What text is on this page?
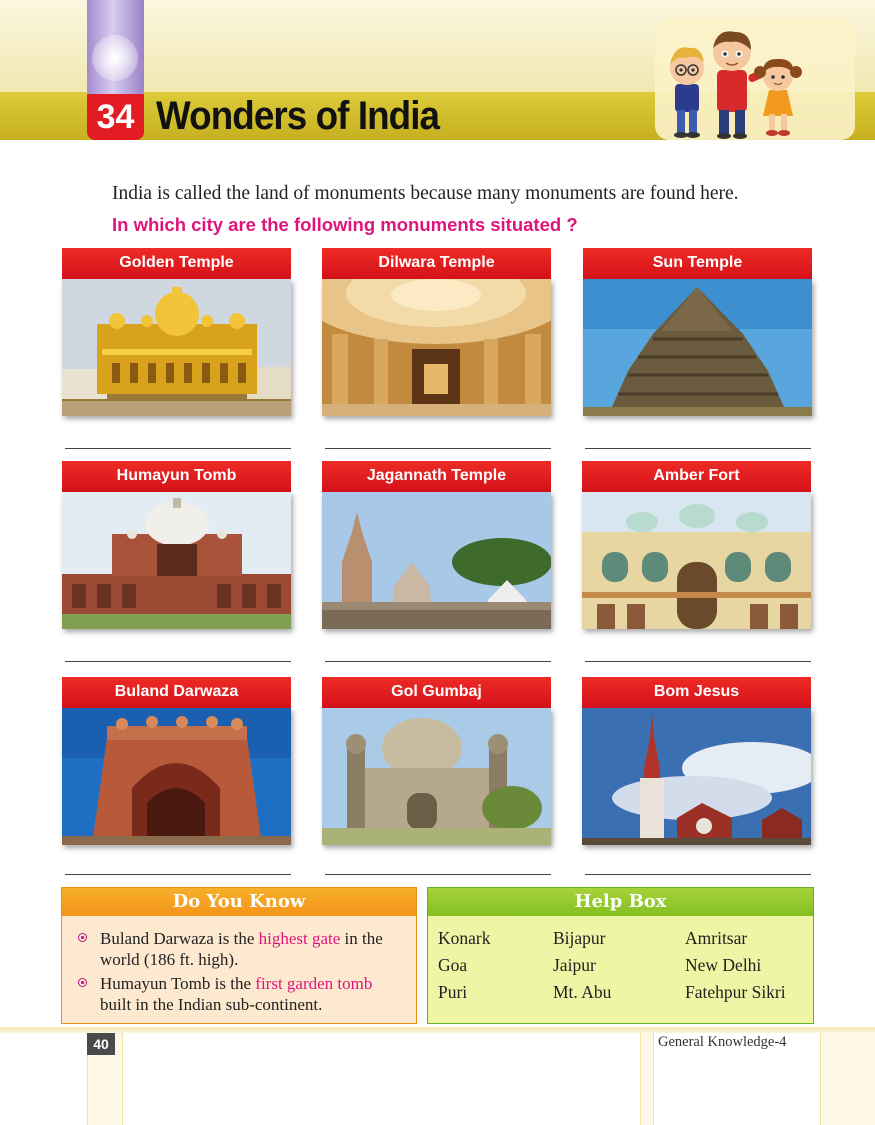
34 Wonders of India
India is called the land of monuments because many monuments are found here.
In which city are the following monuments situated ?
Golden Temple	Dilwara Temple	Sun Temple
Humayun Tomb	Jagannath Temple	Amber Fort
Buland Darwaza	Gol Gumbaj	Bom Jesus
Do You Know
Buland Darwaza is the highest gate in the world (186 ft. high).
Humayun Tomb is the first garden tomb built in the Indian sub-continent.
Help Box
Konark	Bijapur	Amritsar
Goa	Jaipur	New Delhi
Puri	Mt. Abu	Fatehpur Sikri
40	General Knowledge-4
